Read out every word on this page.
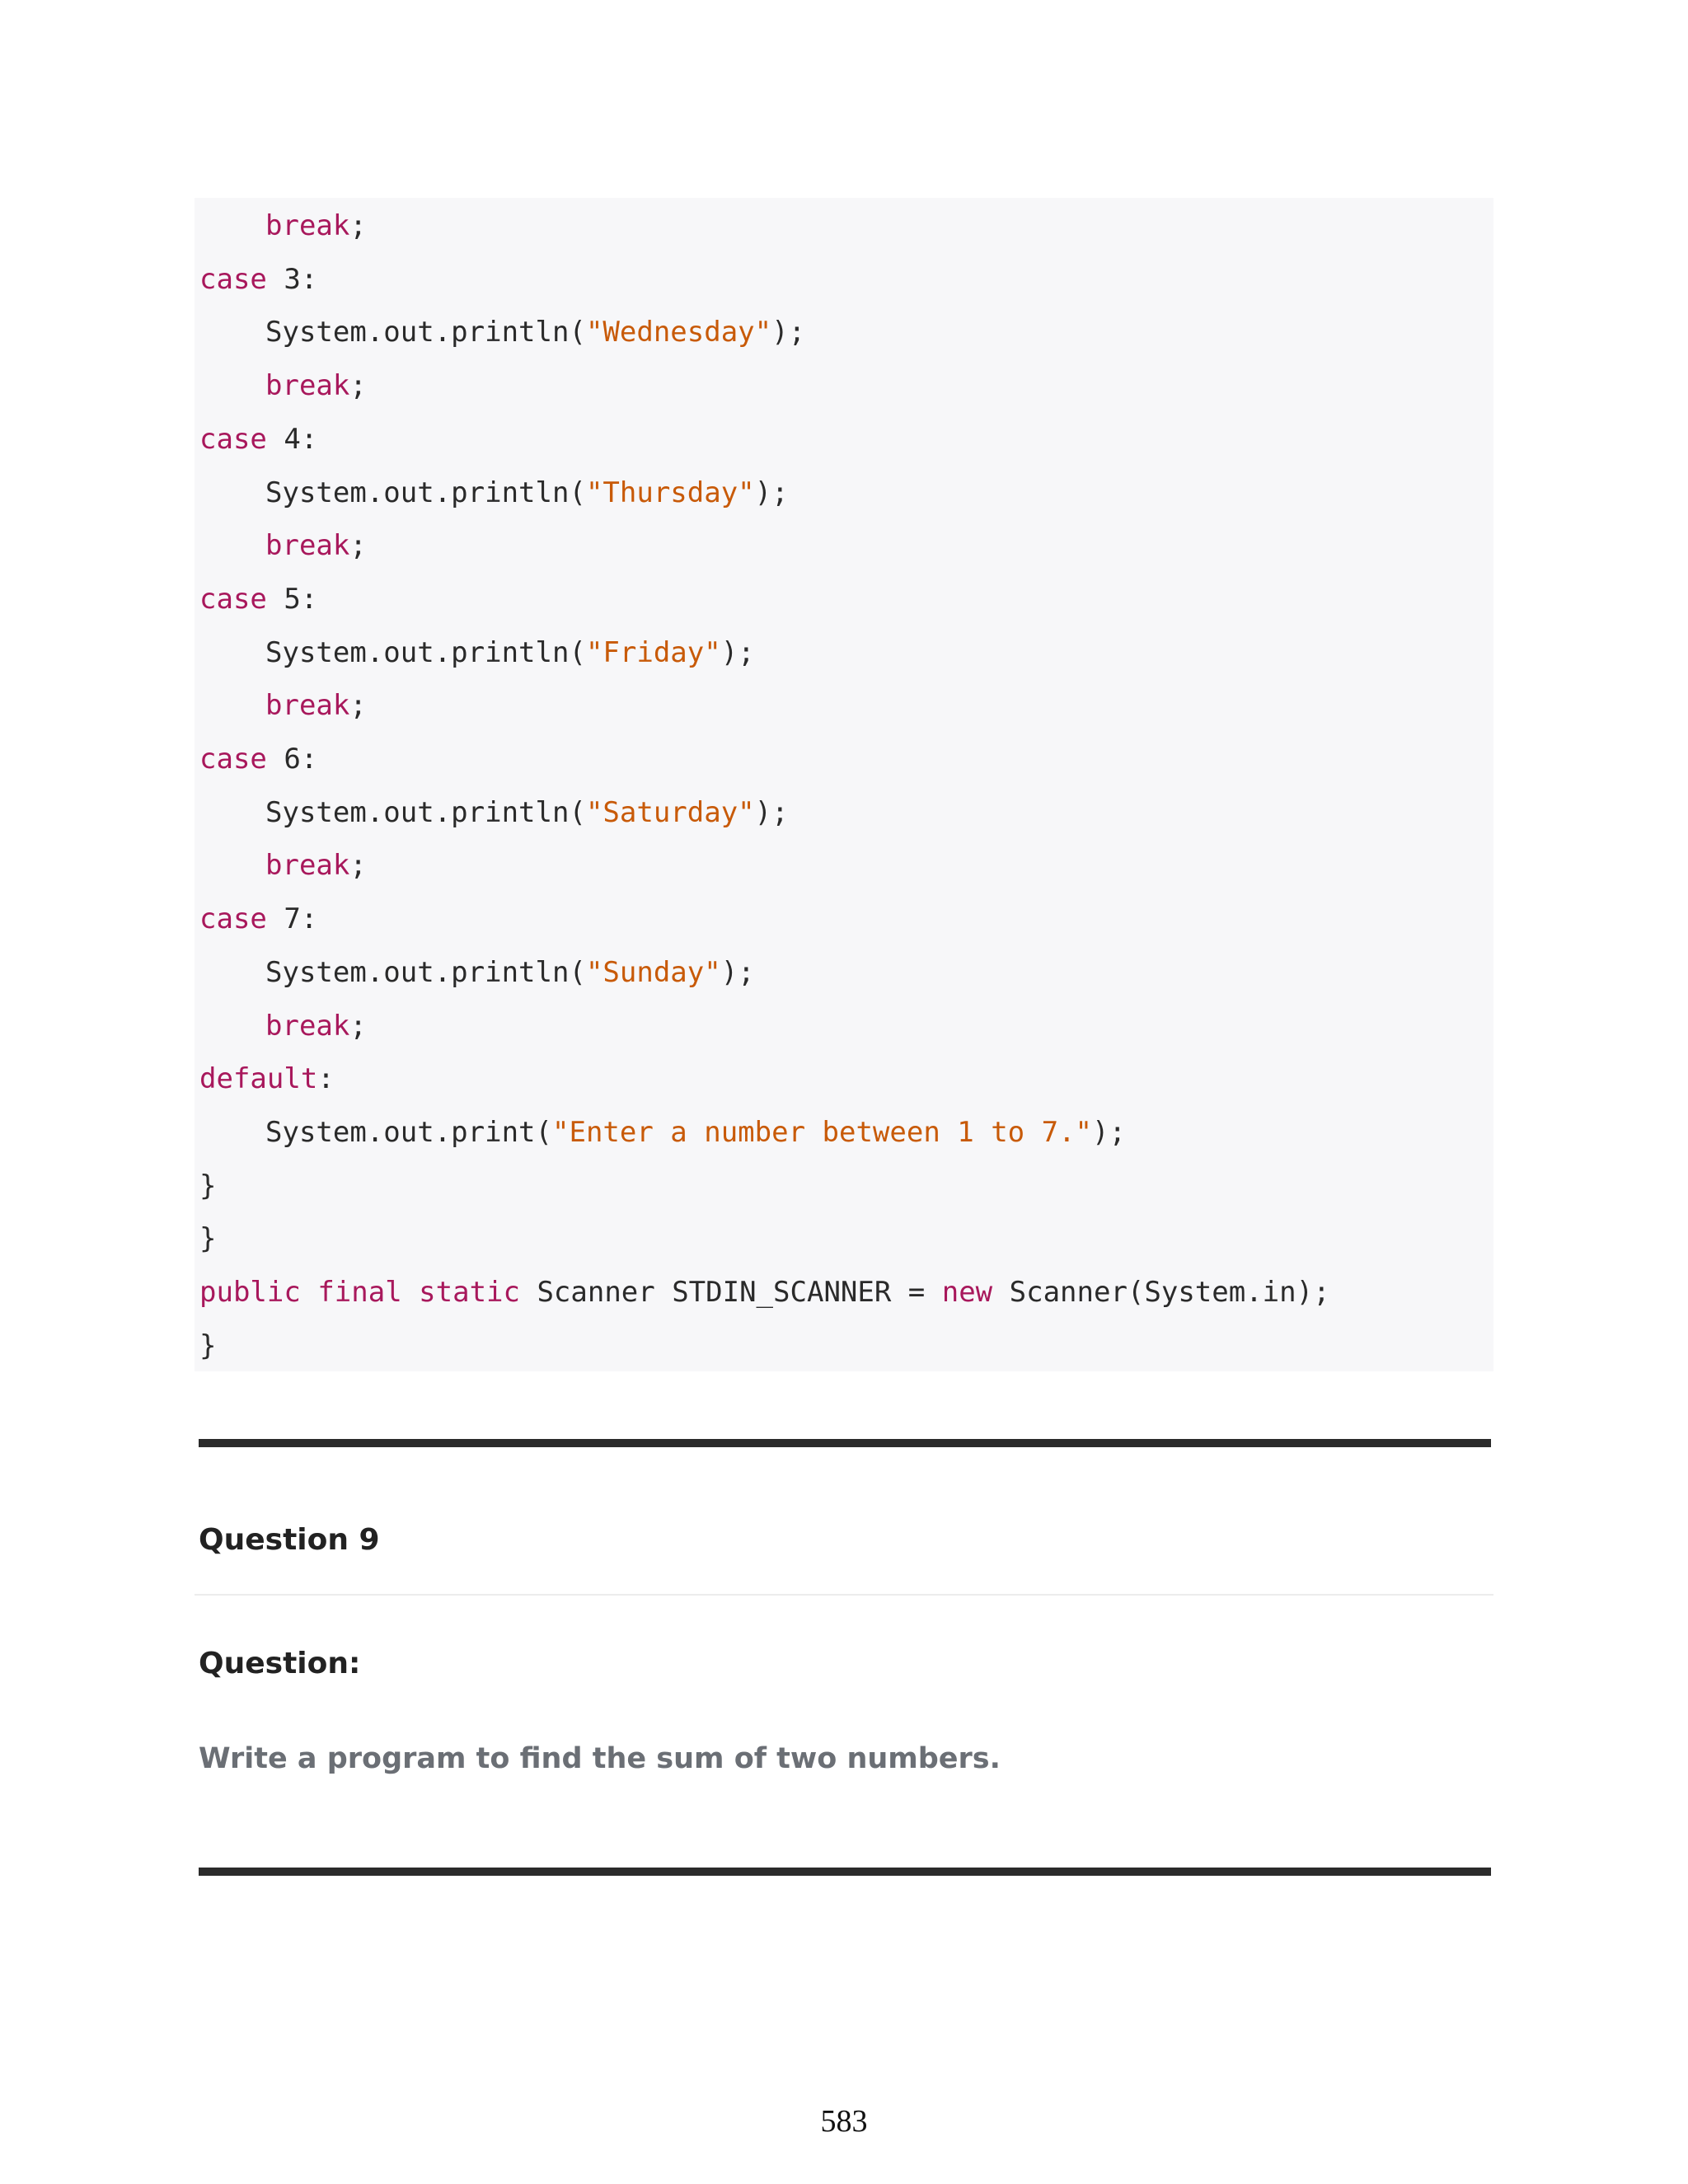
break;
case 3:
System.out.println("Wednesday");
break;
case 4:
System.out.println("Thursday");
break;
case 5:
System.out.println("Friday");
break;
case 6:
System.out.println("Saturday");
break;
case 7:
System.out.println("Sunday");
break;
default:
System.out.print("Enter a number between 1 to 7.");
}
}
public final static Scanner STDIN_SCANNER = new Scanner(System.in);
}
Question 9
Question:
Write a program to find the sum of two numbers.
583
